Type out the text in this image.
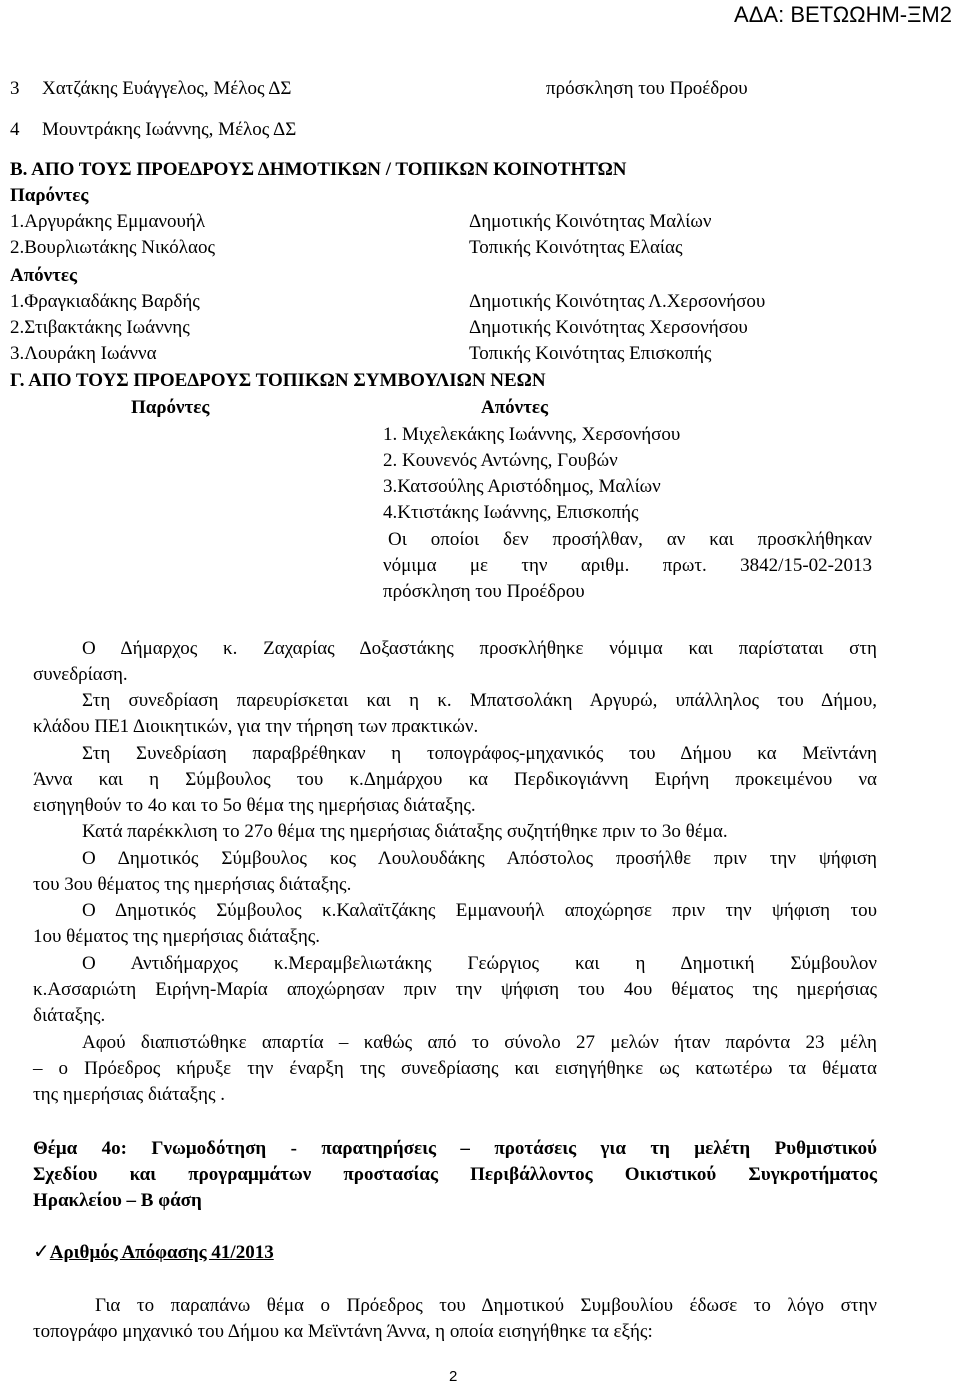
ΑΔΑ: ΒΕΤΩΩΗΜ-ΞΜ2
3 Χατζάκης Ευάγγελος, Μέλος ΔΣ	πρόσκληση του Προέδρου
4 Μουντράκης Ιωάννης, Μέλος ΔΣ
Β. ΑΠΟ ΤΟΥΣ ΠΡΟΕΔΡΟΥΣ ΔΗΜΟΤΙΚΩΝ / ΤΟΠΙΚΩΝ ΚΟΙΝΟΤΗΤΩΝ
Παρόντες
1.Αργυράκης Εμμανουήλ	Δημοτικής Κοινότητας Μαλίων
2.Βουρλιωτάκης Νικόλαος	Τοπικής Κοινότητας Ελαίας
Απόντες
1.Φραγκιαδάκης Βαρδής	Δημοτικής Κοινότητας Λ.Χερσονήσου
2.Στιβακτάκης Ιωάννης	Δημοτικής Κοινότητας Χερσονήσου
3.Λουράκη Ιωάννα	Τοπικής Κοινότητας Επισκοπής
Γ. ΑΠΟ ΤΟΥΣ ΠΡΟΕΔΡΟΥΣ ΤΟΠΙΚΩΝ ΣΥΜΒΟΥΛΙΩΝ ΝΕΩΝ
Παρόντες	Απόντες
1. Μιχελεκάκης Ιωάννης, Χερσονήσου
2. Κουνενός Αντώνης, Γουβών
3.Κατσούλης Αριστόδημος, Μαλίων
4.Κτιστάκης Ιωάννης, Επισκοπής
Οι οποίοι δεν προσήλθαν, αν και προσκλήθηκαν
νόμιμα με την αριθμ. πρωτ. 3842/15-02-2013
πρόσκληση του Προέδρου
Ο Δήμαρχος κ. Ζαχαρίας Δοξαστάκης προσκλήθηκε νόμιμα και παρίσταται στη
συνεδρίαση.
Στη συνεδρίαση παρευρίσκεται και η κ. Μπατσολάκη Αργυρώ, υπάλληλος του Δήμου,
κλάδου ΠΕ1 Διοικητικών, για την τήρηση των πρακτικών.
Στη Συνεδρίαση παραβρέθηκαν η τοπογράφος-μηχανικός του Δήμου κα Μεϊντάνη
Άννα και η Σύμβουλος του κ.Δημάρχου κα Περδικογιάννη Ειρήνη προκειμένου να
εισηγηθούν το 4ο και το 5ο θέμα της ημερήσιας διάταξης.
Κατά παρέκκλιση το 27ο θέμα της ημερήσιας διάταξης συζητήθηκε πριν το 3ο θέμα.
Ο Δημοτικός Σύμβουλος κος Λουλουδάκης Απόστολος προσήλθε πριν την ψήφιση
του 3ου θέματος της ημερήσιας διάταξης.
Ο Δημοτικός Σύμβουλος κ.Καλαϊτζάκης Εμμανουήλ αποχώρησε πριν την ψήφιση του
1ου θέματος της ημερήσιας διάταξης.
Ο Αντιδήμαρχος κ.Μεραμβελιωτάκης Γεώργιος και η Δημοτική Σύμβουλον
κ.Ασσαριώτη Ειρήνη-Μαρία αποχώρησαν πριν την ψήφιση του 4ου θέματος της ημερήσιας
διάταξης.
Αφού διαπιστώθηκε απαρτία – καθώς από το σύνολο 27 μελών ήταν παρόντα 23 μέλη
– ο Πρόεδρος κήρυξε την έναρξη της συνεδρίασης και εισηγήθηκε ως κατωτέρω τα θέματα
της ημερήσιας διάταξης .
Θέμα 4ο: Γνωμοδότηση - παρατηρήσεις – προτάσεις για τη μελέτη Ρυθμιστικού
Σχεδίου και προγραμμάτων προστασίας Περιβάλλοντος Οικιστικού Συγκροτήματος
Ηρακλείου – Β φάση
✓Αριθμός Απόφασης 41/2013
Για το παραπάνω θέμα ο Πρόεδρος του Δημοτικού Συμβουλίου έδωσε το λόγο στην
τοπογράφο μηχανικό του Δήμου κα Μεϊντάνη Άννα, η οποία εισηγήθηκε τα εξής:
2
